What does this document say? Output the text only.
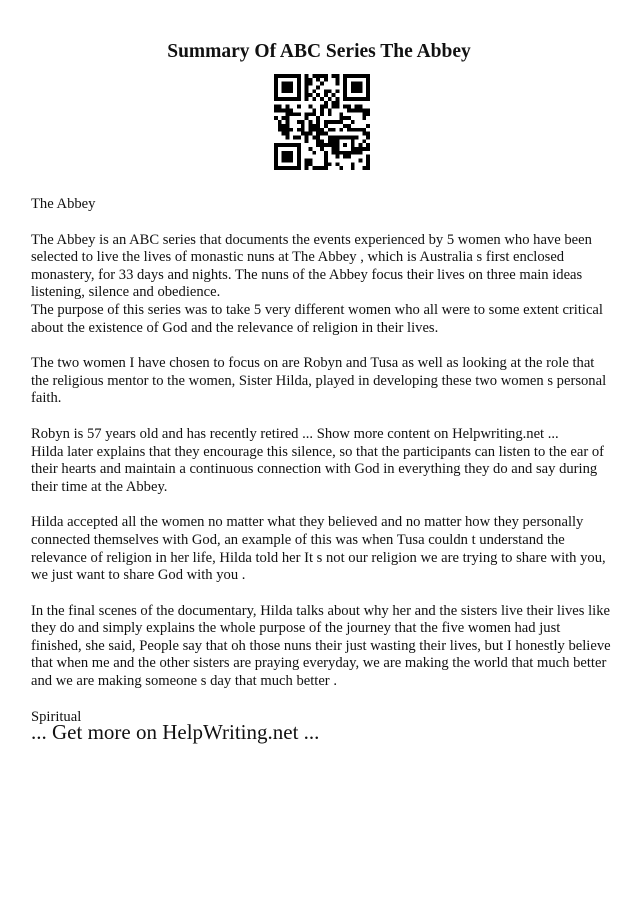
Summary Of ABC Series The Abbey

The Abbey

The Abbey is an ABC series that documents the events experienced by 5 women who have been selected to live the lives of monastic nuns at The Abbey , which is Australia s first enclosed monastery, for 33 days and nights. The nuns of the Abbey focus their lives on three main ideas listening, silence and obedience.

The purpose of this series was to take 5 very different women who all were to some extent critical about the existence of God and the relevance of religion in their lives.

The two women I have chosen to focus on are Robyn and Tusa as well as looking at the role that the religious mentor to the women, Sister Hilda, played in developing these two women s personal faith.

Robyn is 57 years old and has recently retired ... Show more content on Helpwriting.net ...

Hilda later explains that they encourage this silence, so that the participants can listen to the ear of their hearts and maintain a continuous connection with God in everything they do and say during their time at the Abbey.

Hilda accepted all the women no matter what they believed and no matter how they personally connected themselves with God, an example of this was when Tusa couldn t understand the relevance of religion in her life, Hilda told her It s not our religion we are trying to share with you, we just want to share God with you .

In the final scenes of the documentary, Hilda talks about why her and the sisters live their lives like they do and simply explains the whole purpose of the journey that the five women had just finished, she said, People say that oh those nuns their just wasting their lives, but I honestly believe that when me and the other sisters are praying everyday, we are making the world that much better and we are making someone s day that much better .

Spiritual

... Get more on HelpWriting.net ...
